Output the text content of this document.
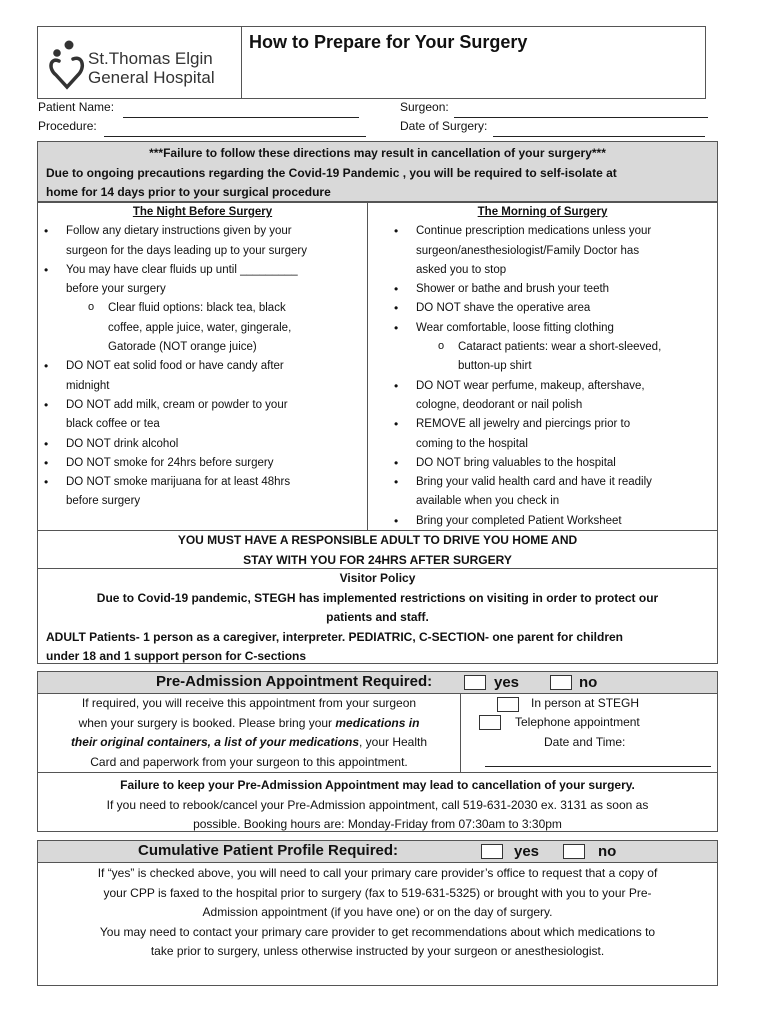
St.Thomas Elgin
General Hospital
How to Prepare for Your Surgery
Patient Name:	Surgeon:
Procedure:	Date of Surgery:
***Failure to follow these directions may result in cancellation of your surgery***
Due to ongoing precautions regarding the Covid-19 Pandemic , you will be required to self-isolate at
home for 14 days prior to your surgical procedure
The Night Before Surgery
• Follow any dietary instructions given by your
surgeon for the days leading up to your surgery
• You may have clear fluids up until _________
before your surgery
o Clear fluid options: black tea, black
coffee, apple juice, water, gingerale,
Gatorade (NOT orange juice)
• DO NOT eat solid food or have candy after
midnight
• DO NOT add milk, cream or powder to your
black coffee or tea
• DO NOT drink alcohol
• DO NOT smoke for 24hrs before surgery
• DO NOT smoke marijuana for at least 48hrs
before surgery
The Morning of Surgery
• Continue prescription medications unless your
surgeon/anesthesiologist/Family Doctor has
asked you to stop
• Shower or bathe and brush your teeth
• DO NOT shave the operative area
• Wear comfortable, loose fitting clothing
o Cataract patients: wear a short-sleeved,
button-up shirt
• DO NOT wear perfume, makeup, aftershave,
cologne, deodorant or nail polish
• REMOVE all jewelry and piercings prior to
coming to the hospital
• DO NOT bring valuables to the hospital
• Bring your valid health card and have it readily
available when you check in
• Bring your completed Patient Worksheet
YOU MUST HAVE A RESPONSIBLE ADULT TO DRIVE YOU HOME AND
STAY WITH YOU FOR 24HRS AFTER SURGERY
Visitor Policy
Due to Covid-19 pandemic, STEGH has implemented restrictions on visiting in order to protect our
patients and staff.
ADULT Patients- 1 person as a caregiver, interpreter. PEDIATRIC, C-SECTION- one parent for children
under 18 and 1 support person for C-sections
Pre-Admission Appointment Required:	yes	no
If required, you will receive this appointment from your surgeon
when your surgery is booked. Please bring your medications in
their original containers, a list of your medications, your Health
Card and paperwork from your surgeon to this appointment.
In person at STEGH
Telephone appointment
Date and Time:
Failure to keep your Pre-Admission Appointment may lead to cancellation of your surgery.
If you need to rebook/cancel your Pre-Admission appointment, call 519-631-2030 ex. 3131 as soon as
possible. Booking hours are: Monday-Friday from 07:30am to 3:30pm
Cumulative Patient Profile Required:	yes	no
If “yes” is checked above, you will need to call your primary care provider’s office to request that a copy of
your CPP is faxed to the hospital prior to surgery (fax to 519-631-5325) or brought with you to your Pre-
Admission appointment (if you have one) or on the day of surgery.
You may need to contact your primary care provider to get recommendations about which medications to
take prior to surgery, unless otherwise instructed by your surgeon or anesthesiologist.
